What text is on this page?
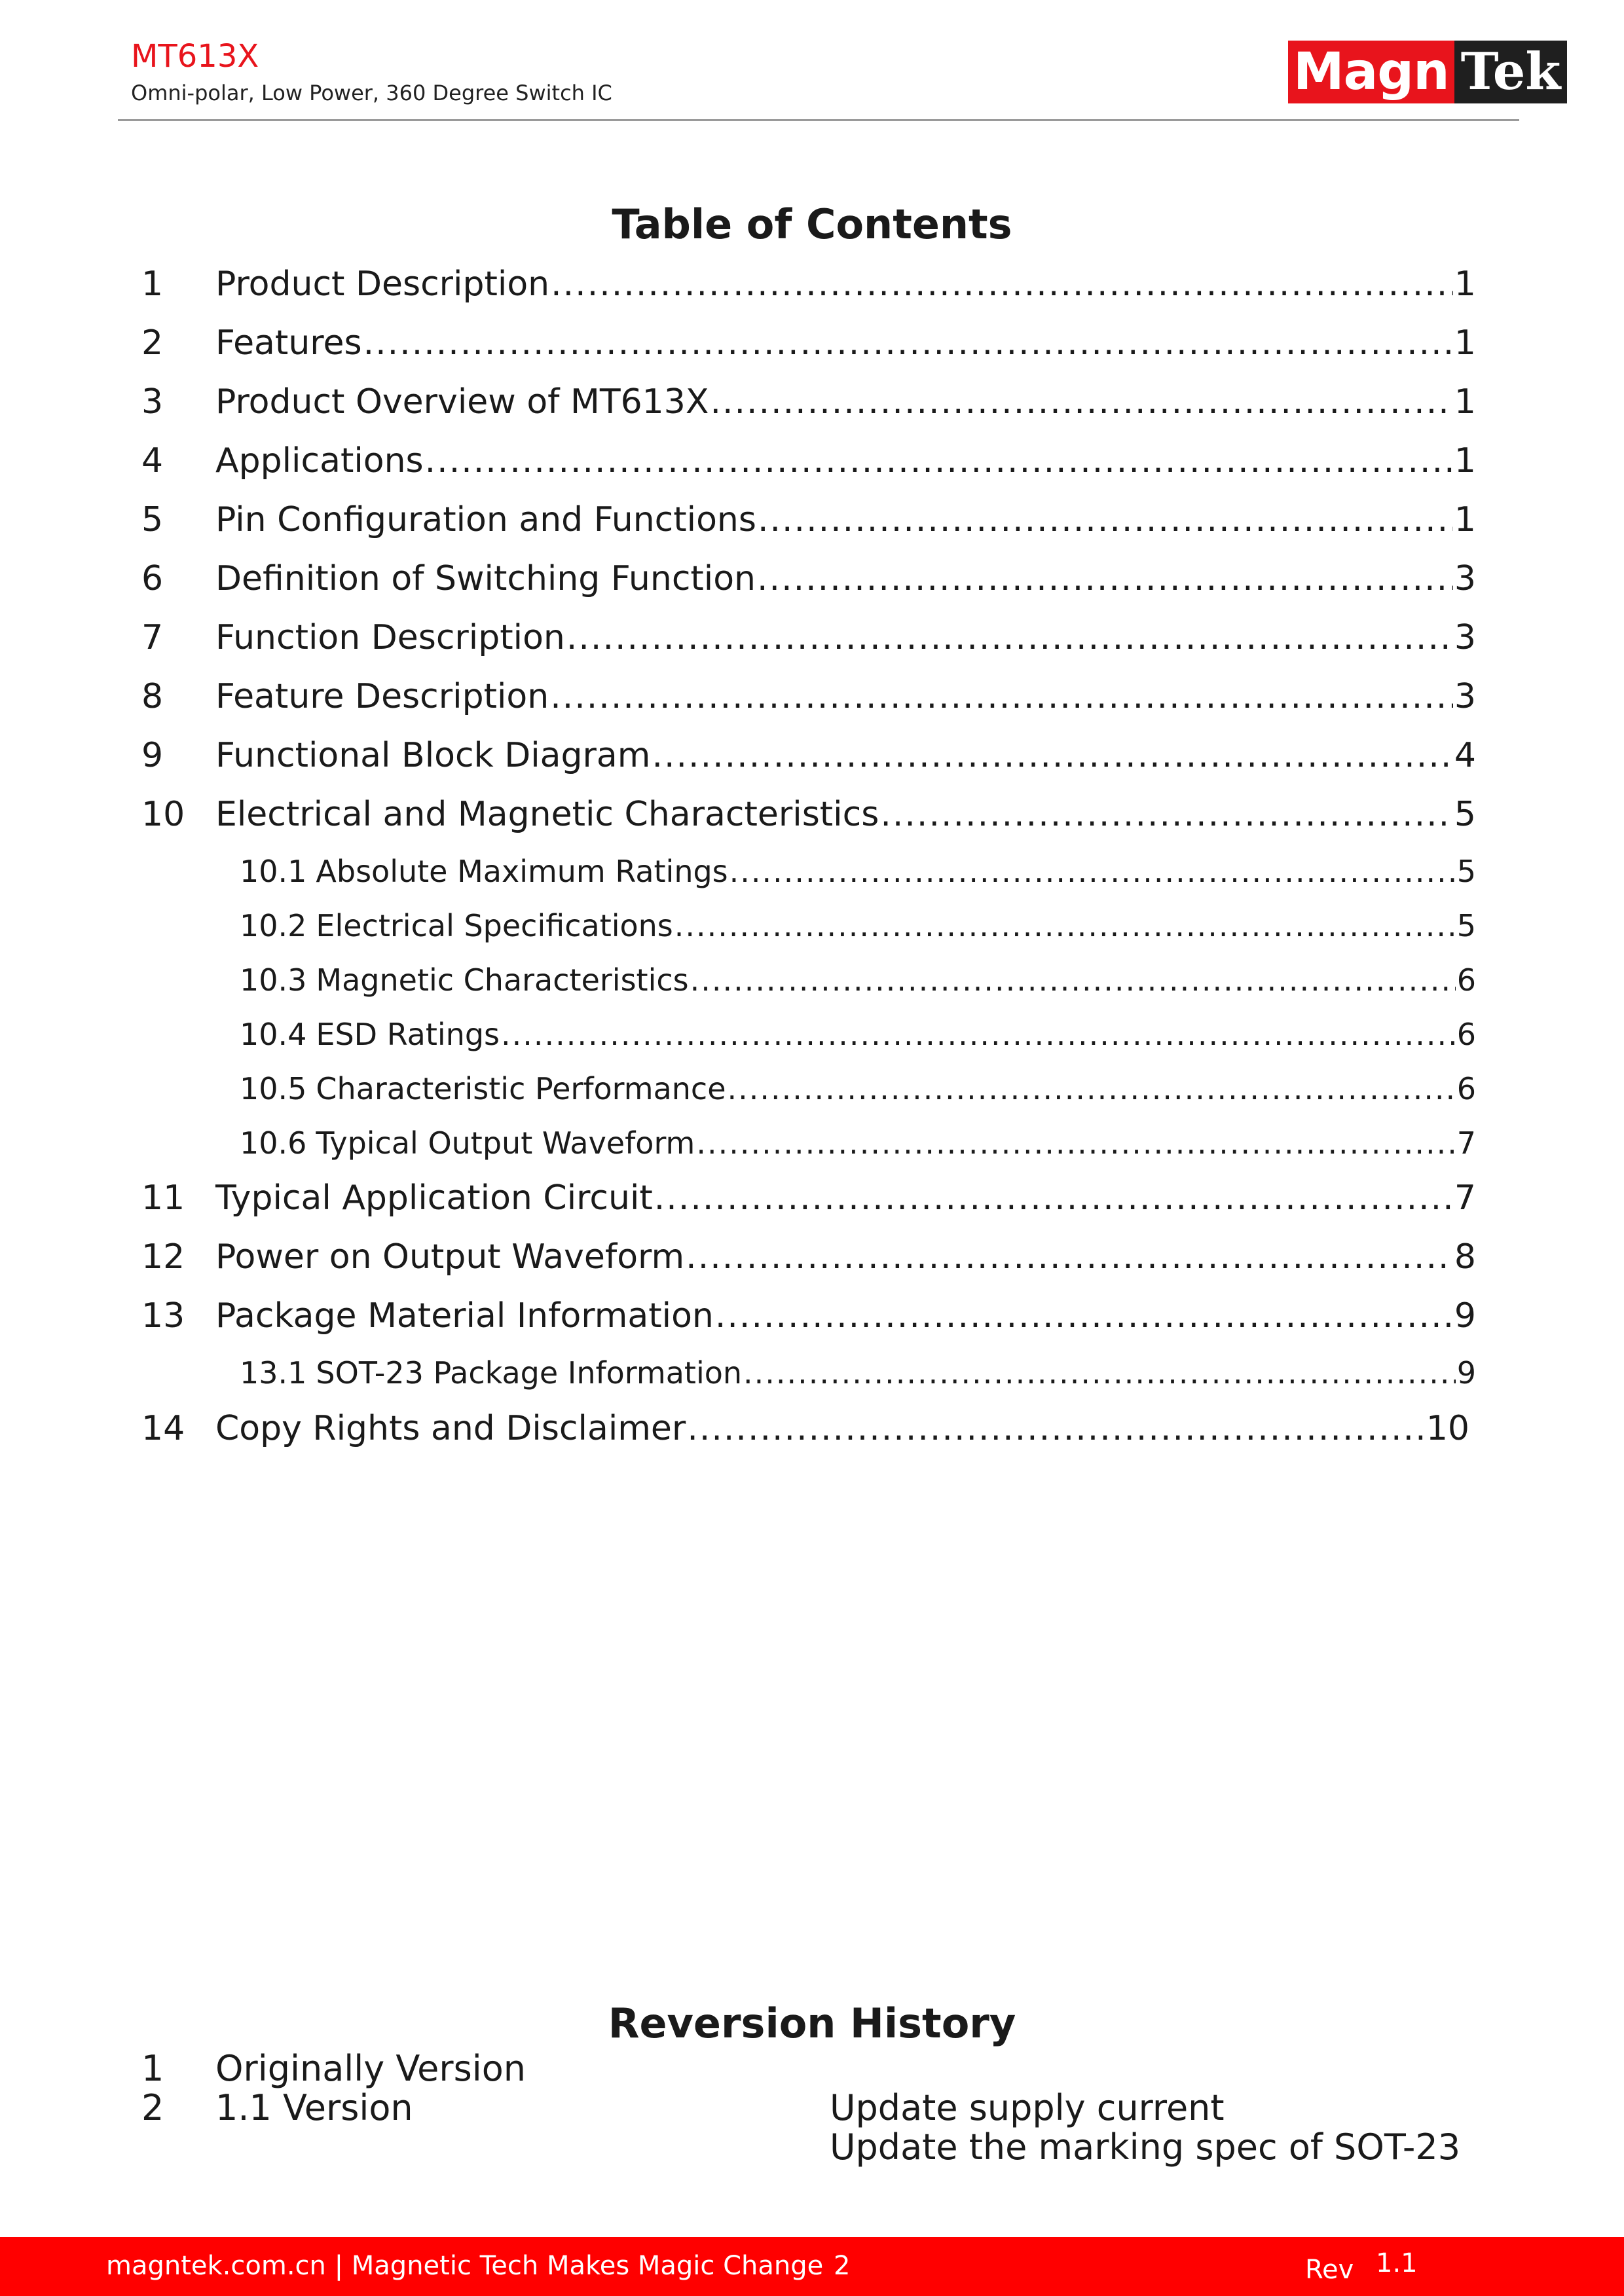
MT613X
Omni-polar, Low Power, 360 Degree Switch IC	Magn Tek
Table of Contents
1	Product Description .....	1
2	Features .....	1
3	Product Overview of MT613X .....	1
4	Applications .....	1
5	Pin Configuration and Functions .....	1
6	Definition of Switching Function .....	3
7	Function Description .....	3
8	Feature Description .....	3
9	Functional Block Diagram .....	4
10 Electrical and Magnetic Characteristics .....	5
10.1 Absolute Maximum Ratings .....	5
10.2 Electrical Specifications .....	5
10.3 Magnetic Characteristics .....	6
10.4 ESD Ratings .....	6
10.5 Characteristic Performance .....	6
10.6 Typical Output Waveform .....	7
11 Typical Application Circuit .....	7
12 Power on Output Waveform .....	8
13 Package Material Information .....	9
13.1 SOT-23 Package Information .....	9
14 Copy Rights and Disclaimer .....	10
Reversion History
1 Originally Version
2 1.1 Version	Update supply current
Update the marking spec of SOT-23
magntek.com.cn | Magnetic Tech Makes Magic Change 2	Rev 1.1
